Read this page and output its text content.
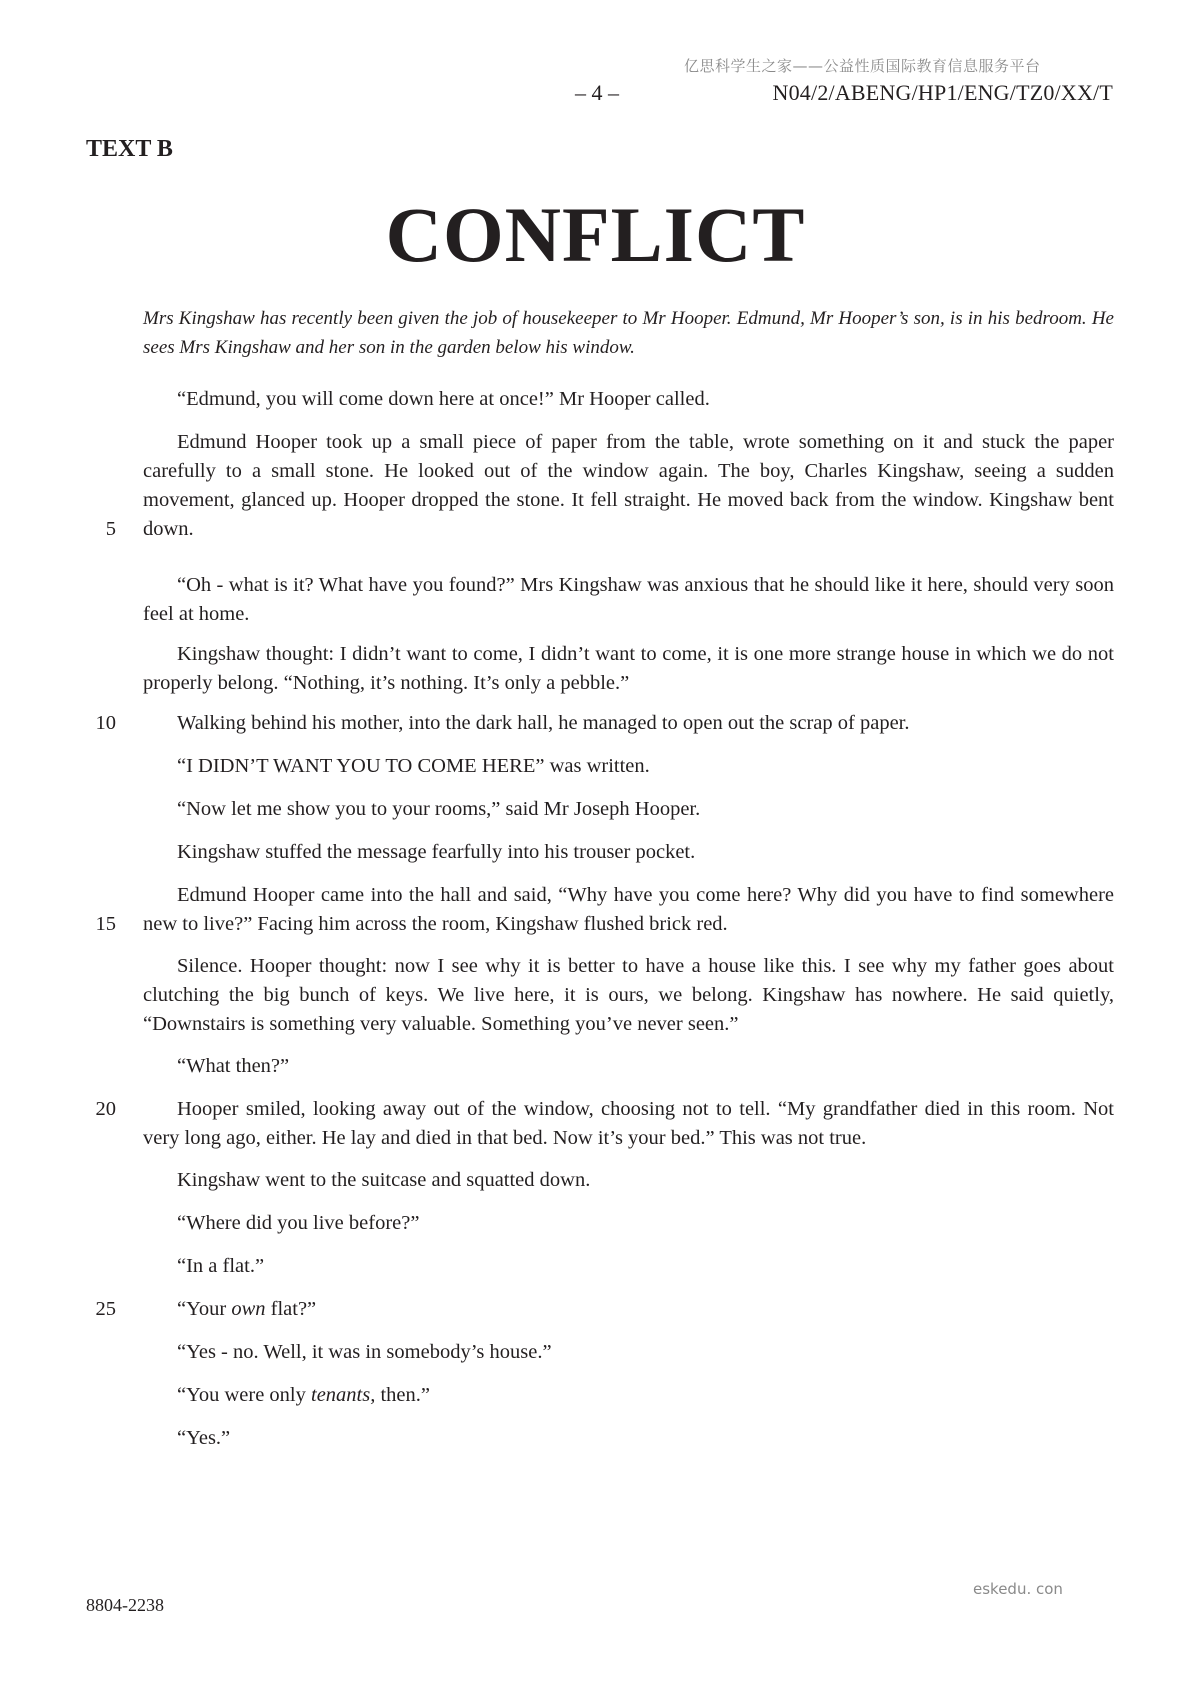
亿思科学生之家——公益性质国际教育信息服务平台
– 4 –	N04/2/ABENG/HP1/ENG/TZ0/XX/T
TEXT B
CONFLICT
Mrs Kingshaw has recently been given the job of housekeeper to Mr Hooper. Edmund, Mr Hooper’s son, is in his bedroom. He sees Mrs Kingshaw and her son in the garden below his window.
“Edmund, you will come down here at once!” Mr Hooper called.
Edmund Hooper took up a small piece of paper from the table, wrote something on it and stuck the paper carefully to a small stone. He looked out of the window again. The boy, Charles Kingshaw, seeing a sudden movement, glanced up. Hooper dropped the stone. It fell straight. He moved back from the window. Kingshaw bent down.
“Oh - what is it? What have you found?” Mrs Kingshaw was anxious that he should like it here, should very soon feel at home.
Kingshaw thought: I didn’t want to come, I didn’t want to come, it is one more strange house in which we do not properly belong. “Nothing, it’s nothing. It’s only a pebble.”
Walking behind his mother, into the dark hall, he managed to open out the scrap of paper.
“I DIDN’T WANT YOU TO COME HERE” was written.
“Now let me show you to your rooms,” said Mr Joseph Hooper.
Kingshaw stuffed the message fearfully into his trouser pocket.
Edmund Hooper came into the hall and said, “Why have you come here? Why did you have to find somewhere new to live?” Facing him across the room, Kingshaw flushed brick red.
Silence. Hooper thought: now I see why it is better to have a house like this. I see why my father goes about clutching the big bunch of keys. We live here, it is ours, we belong. Kingshaw has nowhere. He said quietly, “Downstairs is something very valuable. Something you’ve never seen.”
“What then?”
Hooper smiled, looking away out of the window, choosing not to tell. “My grandfather died in this room. Not very long ago, either. He lay and died in that bed. Now it’s your bed.” This was not true.
Kingshaw went to the suitcase and squatted down.
“Where did you live before?”
“In a flat.”
“Your own flat?”
“Yes - no. Well, it was in somebody’s house.”
“You were only tenants, then.”
“Yes.”
5
10
15
20
25
eskedu. con
8804-2238
